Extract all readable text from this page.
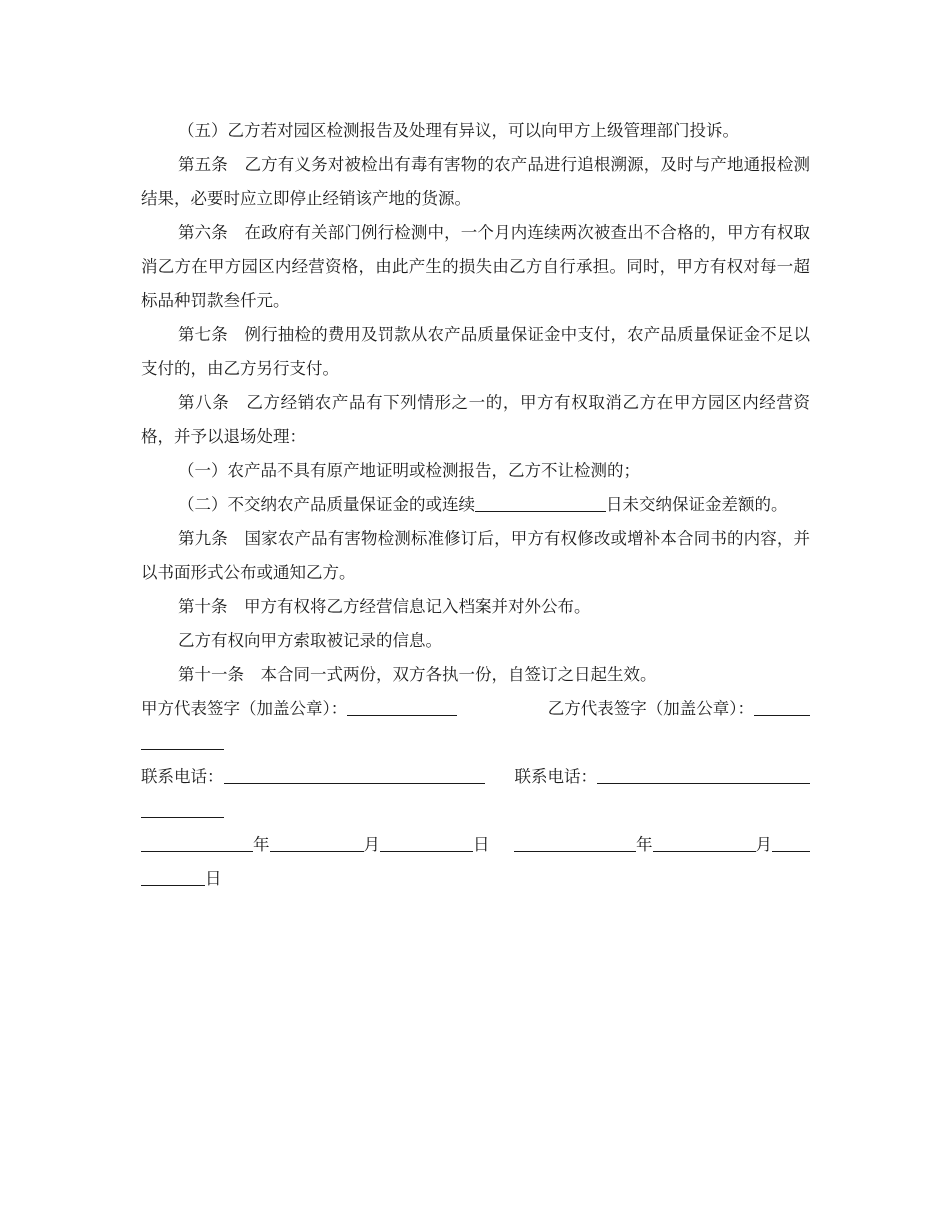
（五）乙方若对园区检测报告及处理有异议，可以向甲方上级管理部门投诉。

第五条　乙方有义务对被检出有毒有害物的农产品进行追根溯源，及时与产地通报检测结果，必要时应立即停止经销该产地的货源。

第六条　在政府有关部门例行检测中，一个月内连续两次被查出不合格的，甲方有权取消乙方在甲方园区内经营资格，由此产生的损失由乙方自行承担。同时，甲方有权对每一超标品种罚款叁仟元。

第七条　例行抽检的费用及罚款从农产品质量保证金中支付，农产品质量保证金不足以支付的，由乙方另行支付。

第八条　乙方经销农产品有下列情形之一的，甲方有权取消乙方在甲方园区内经营资格，并予以退场处理：

（一）农产品不具有原产地证明或检测报告，乙方不让检测的；

（二）不交纳农产品质量保证金的或连续	日未交纳保证金差额的。

第九条　国家农产品有害物检测标准修订后，甲方有权修改或增补本合同书的内容，并以书面形式公布或通知乙方。

第十条　甲方有权将乙方经营信息记入档案并对外公布。

乙方有权向甲方索取被记录的信息。

第十一条　本合同一式两份，双方各执一份，自签订之日起生效。

甲方代表签字（加盖公章）：	乙方代表签字（加盖公章）：
联系电话：	联系电话：
年	月	日	年	月
日
